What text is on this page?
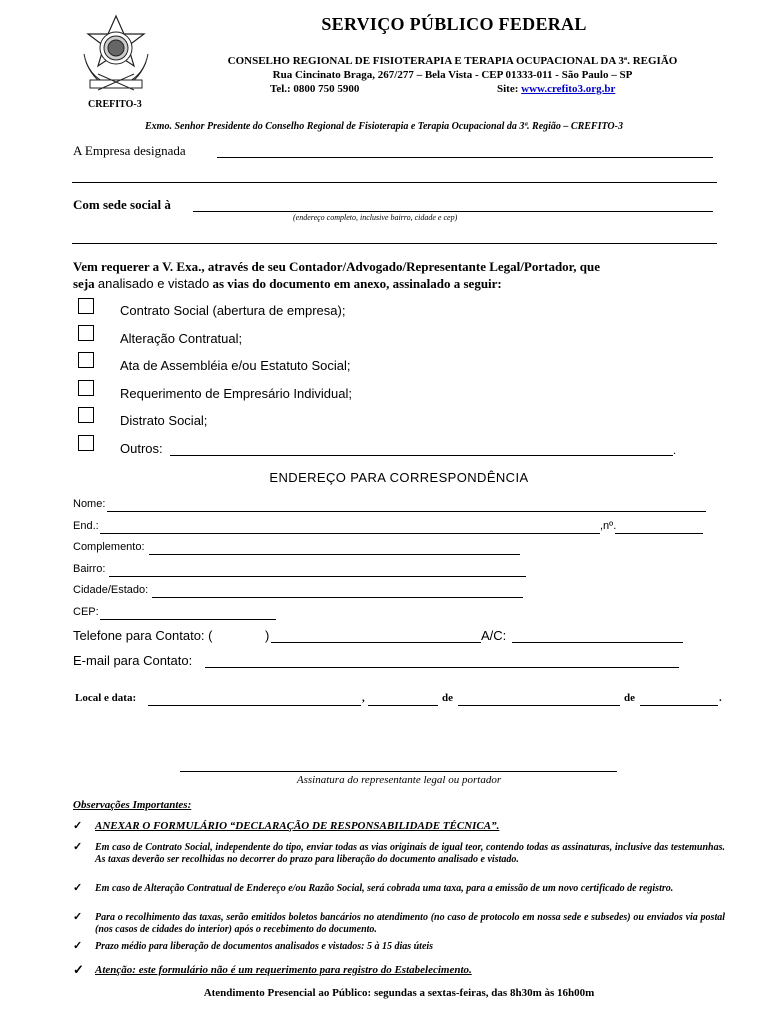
CREFITO-3
SERVIÇO PÚBLICO FEDERAL
CONSELHO REGIONAL DE FISIOTERAPIA E TERAPIA OCUPACIONAL DA 3ª. REGIÃO
Rua Cincinato Braga, 267/277 – Bela Vista - CEP 01333-011 - São Paulo – SP
Tel.: 0800 750 5900	Site: www.crefito3.org.br
Exmo. Senhor Presidente do Conselho Regional de Fisioterapia e Terapia Ocupacional da 3ª. Região – CREFITO-3
A Empresa designada
Com sede social à
(endereço completo, inclusive bairro, cidade e cep)
Vem requerer a V. Exa., através de seu Contador/Advogado/Representante Legal/Portador, que
seja analisado e vistado as vias do documento em anexo, assinalado a seguir:
Contrato Social (abertura de empresa);
Alteração Contratual;
Ata de Assembléia e/ou Estatuto Social;
Requerimento de Empresário Individual;
Distrato Social;
Outros:	.
ENDEREÇO PARA CORRESPONDÊNCIA
Nome:
End.:	,nº.
Complemento:
Bairro:
Cidade/Estado:
CEP:
Telefone para Contato: (	)	A/C:
E-mail para Contato:
Local e data:	,	de	de	.
Assinatura do representante legal ou portador
Observações Importantes:
✓ ANEXAR O FORMULÁRIO “DECLARAÇÃO DE RESPONSABILIDADE TÉCNICA”.
✓ Em caso de Contrato Social, independente do tipo, enviar todas as vias originais de igual teor, contendo todas as assinaturas, inclusive das testemunhas. As taxas deverão ser recolhidas no decorrer do prazo para liberação do documento analisado e vistado.
✓ Em caso de Alteração Contratual de Endereço e/ou Razão Social, será cobrada uma taxa, para a emissão de um novo certificado de registro.
✓ Para o recolhimento das taxas, serão emitidos boletos bancários no atendimento (no caso de protocolo em nossa sede e subsedes) ou enviados via postal (nos casos de cidades do interior) após o recebimento do documento.
✓ Prazo médio para liberação de documentos analisados e vistados: 5 à 15 dias úteis
✓ Atenção: este formulário não é um requerimento para registro do Estabelecimento.
Atendimento Presencial ao Público: segundas a sextas-feiras, das 8h30m às 16h00m
